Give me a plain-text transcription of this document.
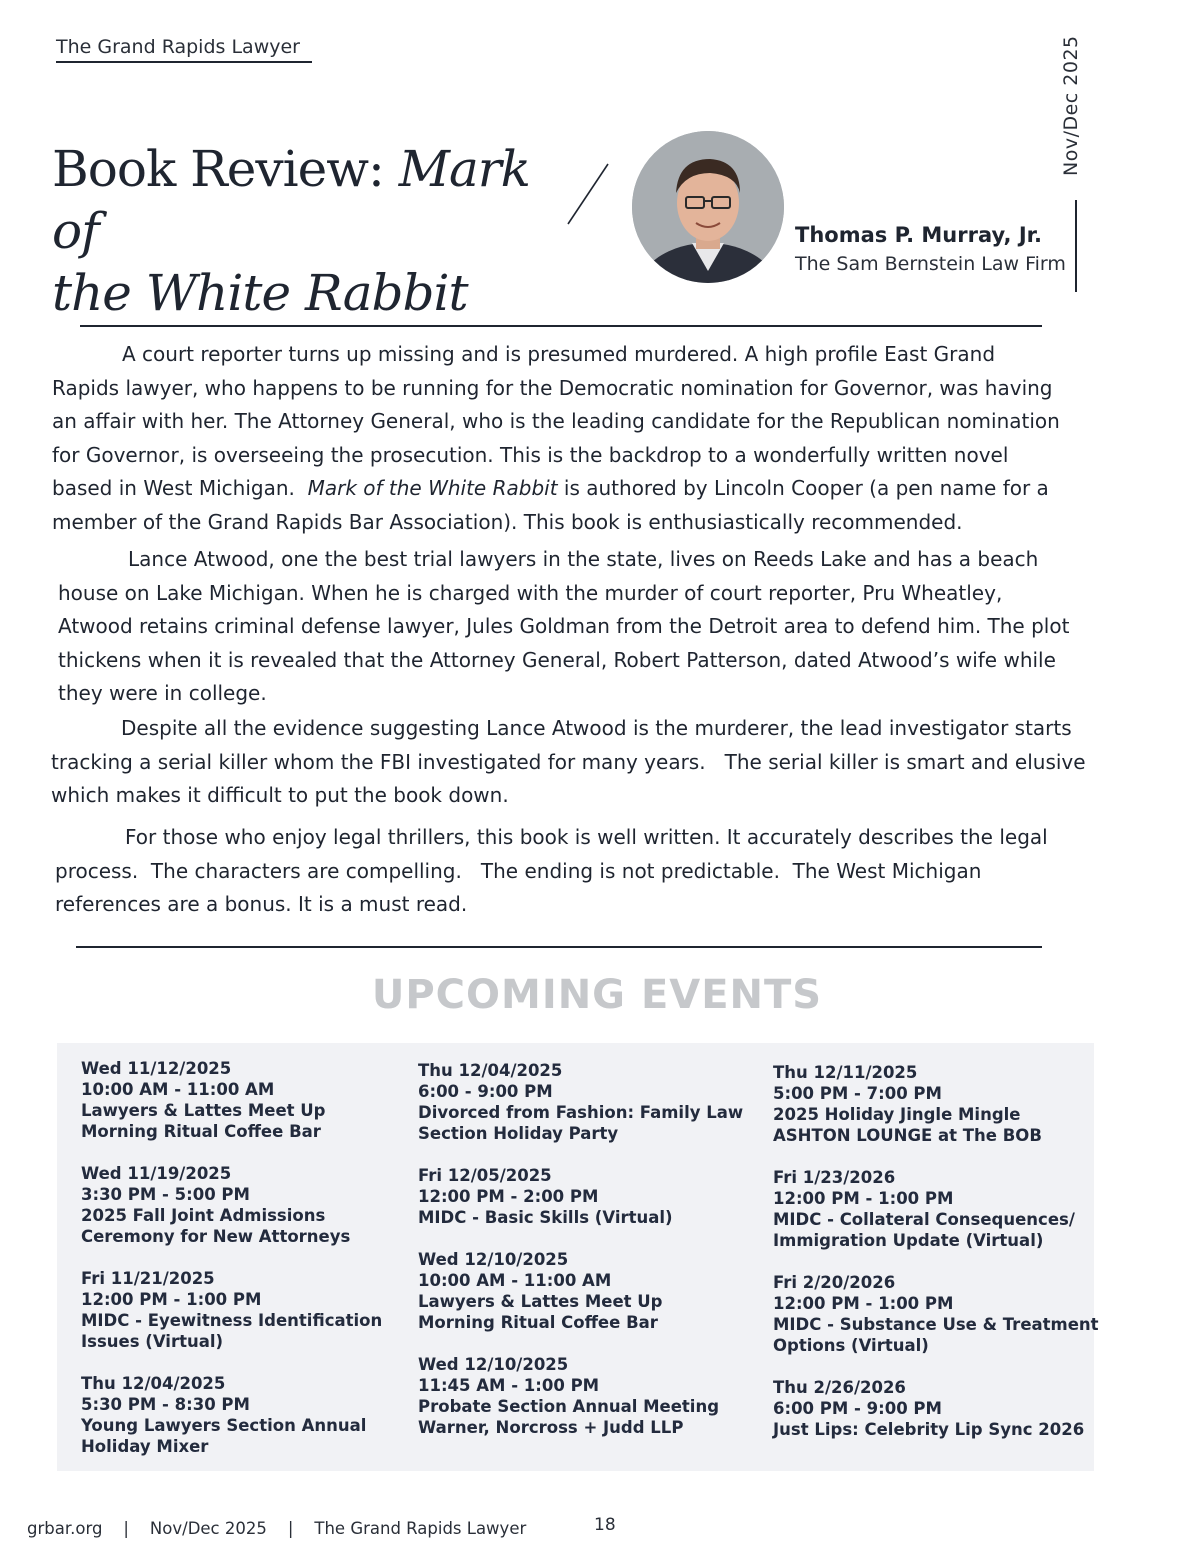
The Grand Rapids Lawyer	Nov/Dec 2025
Book Review: Mark of
the White Rabbit
Thomas P. Murray, Jr.
The Sam Bernstein Law Firm
A court reporter turns up missing and is presumed murdered. A high profile East Grand
Rapids lawyer, who happens to be running for the Democratic nomination for Governor, was having
an affair with her. The Attorney General, who is the leading candidate for the Republican nomination
for Governor, is overseeing the prosecution. This is the backdrop to a wonderfully written novel
based in West Michigan.  Mark of the White Rabbit is authored by Lincoln Cooper (a pen name for a
member of the Grand Rapids Bar Association). This book is enthusiastically recommended.
Lance Atwood, one the best trial lawyers in the state, lives on Reeds Lake and has a beach
house on Lake Michigan. When he is charged with the murder of court reporter, Pru Wheatley,
Atwood retains criminal defense lawyer, Jules Goldman from the Detroit area to defend him. The plot
thickens when it is revealed that the Attorney General, Robert Patterson, dated Atwood’s wife while
they were in college.
Despite all the evidence suggesting Lance Atwood is the murderer, the lead investigator starts
tracking a serial killer whom the FBI investigated for many years.   The serial killer is smart and elusive
which makes it difficult to put the book down.
For those who enjoy legal thrillers, this book is well written. It accurately describes the legal
process.  The characters are compelling.   The ending is not predictable.  The West Michigan
references are a bonus. It is a must read.
UPCOMING EVENTS
Wed 11/12/2025
10:00 AM - 11:00 AM
Lawyers & Lattes Meet Up
Morning Ritual Coffee Bar
Wed 11/19/2025
3:30 PM - 5:00 PM
2025 Fall Joint Admissions
Ceremony for New Attorneys
Fri 11/21/2025
12:00 PM - 1:00 PM
MIDC - Eyewitness Identification
Issues (Virtual)
Thu 12/04/2025
5:30 PM - 8:30 PM
Young Lawyers Section Annual
Holiday Mixer
Thu 12/04/2025
6:00 - 9:00 PM
Divorced from Fashion: Family Law
Section Holiday Party
Fri 12/05/2025
12:00 PM - 2:00 PM
MIDC - Basic Skills (Virtual)
Wed 12/10/2025
10:00 AM - 11:00 AM
Lawyers & Lattes Meet Up
Morning Ritual Coffee Bar
Wed 12/10/2025
11:45 AM - 1:00 PM
Probate Section Annual Meeting
Warner, Norcross + Judd LLP
Thu 12/11/2025
5:00 PM - 7:00 PM
2025 Holiday Jingle Mingle
ASHTON LOUNGE at The BOB
Fri 1/23/2026
12:00 PM - 1:00 PM
MIDC - Collateral Consequences/
Immigration Update (Virtual)
Fri 2/20/2026
12:00 PM - 1:00 PM
MIDC - Substance Use & Treatment
Options (Virtual)
Thu 2/26/2026
6:00 PM - 9:00 PM
Just Lips: Celebrity Lip Sync 2026
grbar.org    |    Nov/Dec 2025    |    The Grand Rapids Lawyer	18
